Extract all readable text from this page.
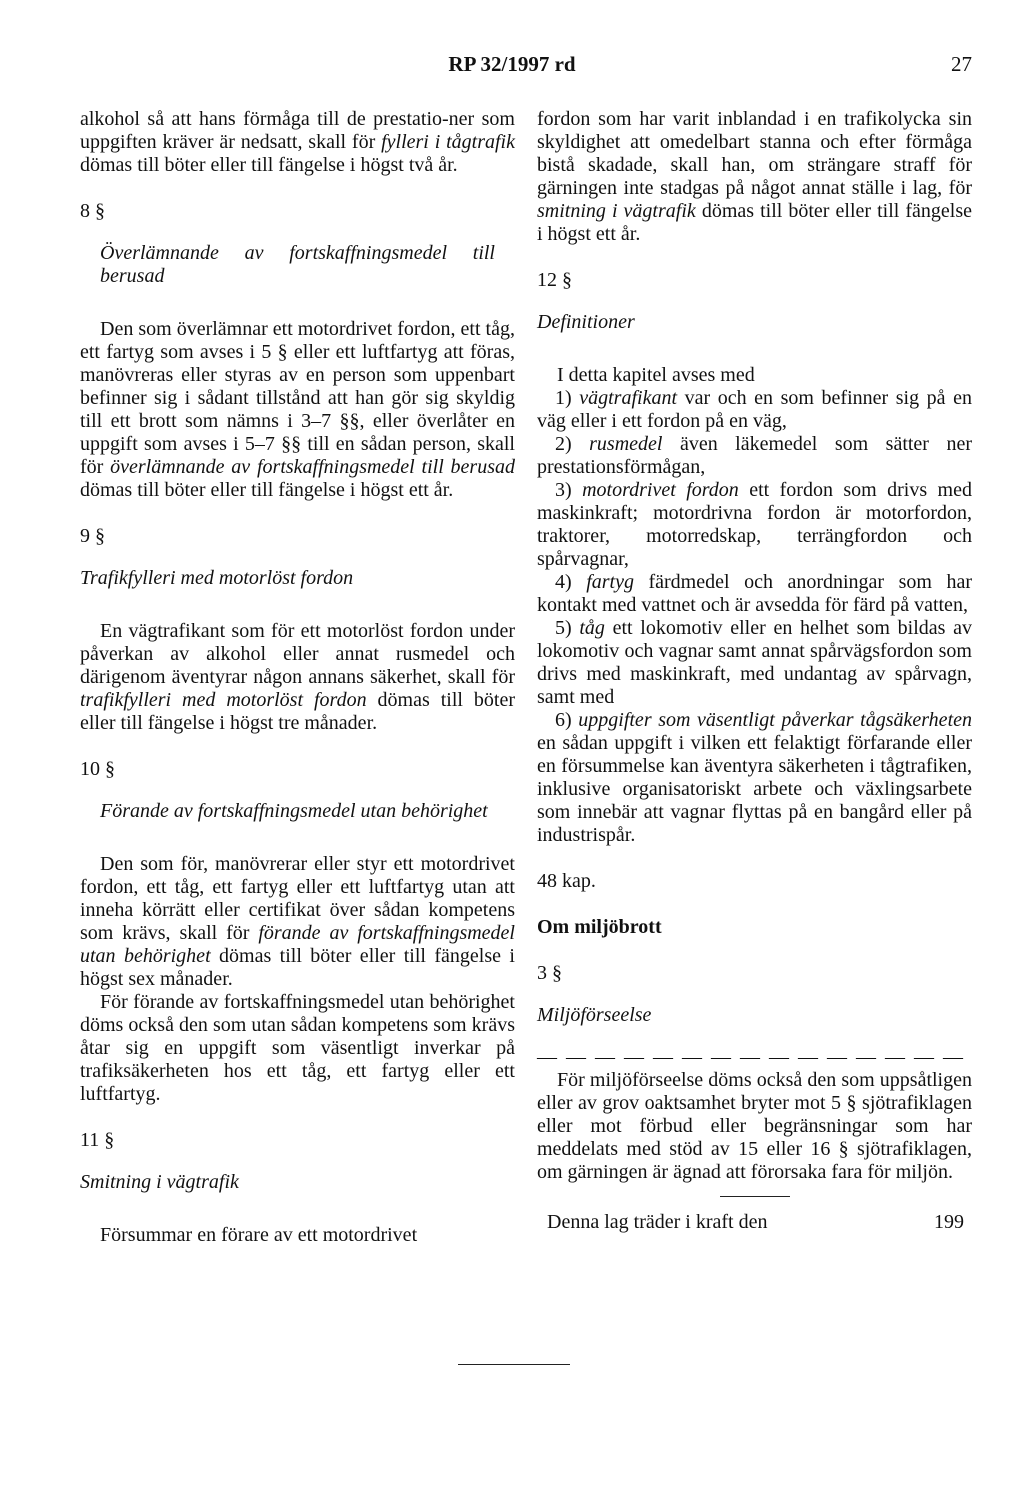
RP 32/1997 rd	27

alkohol så att hans förmåga till de prestatio-ner som uppgiften kräver är nedsatt, skall för fylleri i tågtrafik dömas till böter eller till fängelse i högst två år.

8 §

Överlämnande av fortskaffningsmedel till berusad

Den som överlämnar ett motordrivet fordon, ett tåg, ett fartyg som avses i 5 § eller ett luftfartyg att föras, manövreras eller styras av en person som uppenbart befinner sig i sådant tillstånd att han gör sig skyldig till ett brott som nämns i 3–7 §§, eller överlåter en uppgift som avses i 5–7 §§ till en sådan person, skall för överlämnande av fortskaffningsmedel till berusad dömas till böter eller till fängelse i högst ett år.

9 §

Trafikfylleri med motorlöst fordon

En vägtrafikant som för ett motorlöst fordon under påverkan av alkohol eller annat rusmedel och därigenom äventyrar någon annans säkerhet, skall för trafikfylleri med motorlöst fordon dömas till böter eller till fängelse i högst tre månader.

10 §

Förande av fortskaffningsmedel utan behörighet

Den som för, manövrerar eller styr ett motordrivet fordon, ett tåg, ett fartyg eller ett luftfartyg utan att inneha körrätt eller certifikat över sådan kompetens som krävs, skall för förande av fortskaffningsmedel utan behörighet dömas till böter eller till fängelse i högst sex månader.

För förande av fortskaffningsmedel utan behörighet döms också den som utan sådan kompetens som krävs åtar sig en uppgift som väsentligt inverkar på trafiksäkerheten hos ett tåg, ett fartyg eller ett luftfartyg.

11 §

Smitning i vägtrafik

Försummar en förare av ett motordrivet

fordon som har varit inblandad i en trafikolycka sin skyldighet att omedelbart stanna och efter förmåga bistå skadade, skall han, om strängare straff för gärningen inte stadgas på något annat ställe i lag, för smitning i vägtrafik dömas till böter eller till fängelse i högst ett år.

12 §

Definitioner

I detta kapitel avses med

1) vägtrafikant var och en som befinner sig på en väg eller i ett fordon på en väg,

2) rusmedel även läkemedel som sätter ner prestationsförmågan,

3) motordrivet fordon ett fordon som drivs med maskinkraft; motordrivna fordon är motorfordon, traktorer, motorredskap, terrängfordon och spårvagnar,

4) fartyg färdmedel och anordningar som har kontakt med vattnet och är avsedda för färd på vatten,

5) tåg ett lokomotiv eller en helhet som bildas av lokomotiv och vagnar samt annat spårvägsfordon som drivs med maskinkraft, med undantag av spårvagn, samt med

6) uppgifter som väsentligt påverkar tågsäkerheten en sådan uppgift i vilken ett felaktigt förfarande eller en försummelse kan äventyra säkerheten i tågtrafiken, inklusive organisatoriskt arbete och växlingsarbete som innebär att vagnar flyttas på en bangård eller på industrispår.

48 kap.

Om miljöbrott

3 §

Miljöförseelse

— — — — — — — — — — — — — — —

För miljöförseelse döms också den som uppsåtligen eller av grov oaktsamhet bryter mot 5 § sjötrafiklagen eller mot förbud eller begränsningar som har meddelats med stöd av 15 eller 16 § sjötrafiklagen, om gärningen är ägnad att förorsaka fara för miljön.

Denna lag träder i kraft den	199
